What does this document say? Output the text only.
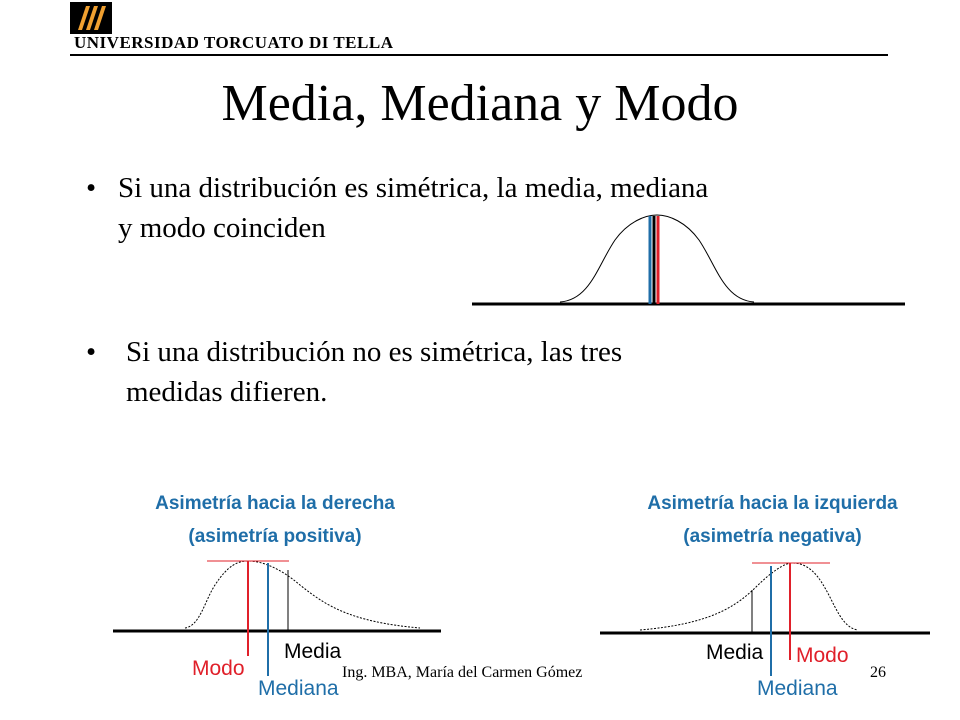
UNIVERSIDAD TORCUATO DI TELLA
Media, Mediana y Modo
• Si una distribución es simétrica, la media, mediana
y modo coinciden
• Si una distribución no es simétrica, las tres
medidas difieren.
Asimetría hacia la derecha
(asimetría positiva)
Asimetría hacia la izquierda
(asimetría negativa)
Media
Modo
Mediana
Media Modo
Mediana
Ing. MBA, María del Carmen Gómez	26
